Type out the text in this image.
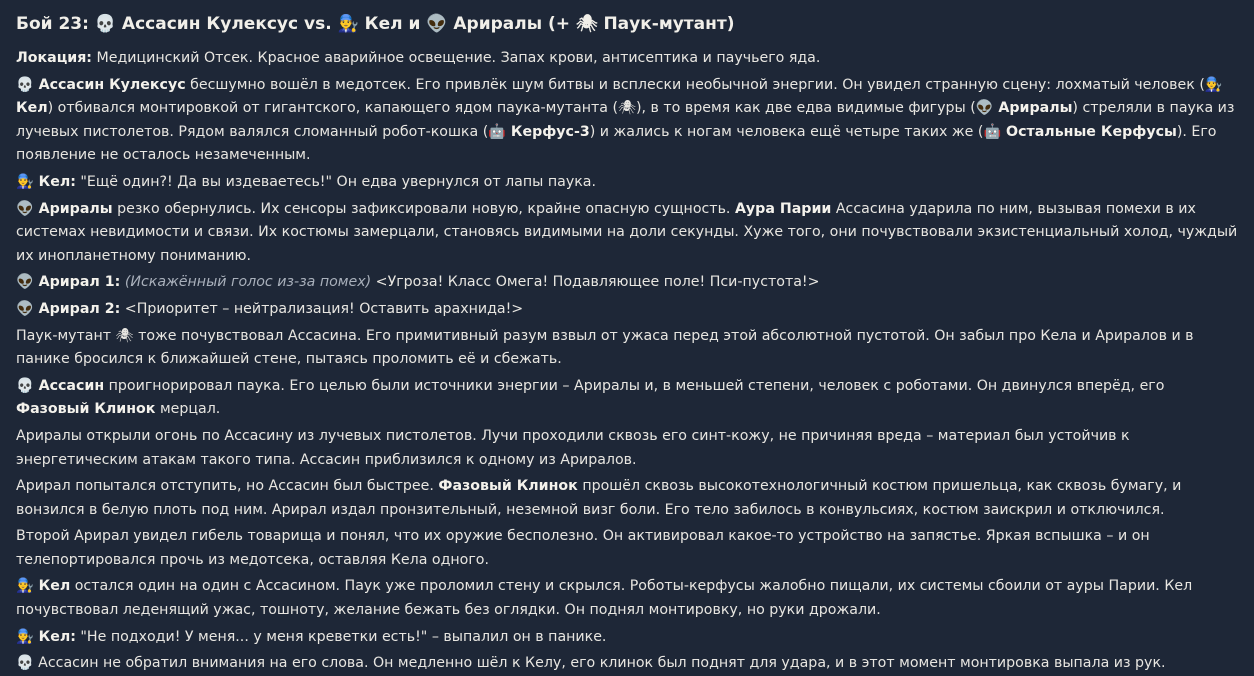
Бой 23: 💀 Ассасин Кулексус vs. 👨‍🔧 Кел и 👽 Арирaлы (+ 🕷 Паук-мутант)

Локация: Медицинский Отсек. Красное аварийное освещение. Запах крови, антисептика и паучьего яда.

💀 Ассасин Кулексус бесшумно вошёл в медотсек. Его привлёк шум битвы и всплески необычной энергии. Он увидел странную сцену: лохматый человек (👨‍🔧 Кел) отбивался монтировкой от гигантского, капающего ядом паука-мутанта (🕷), в то время как две едва видимые фигуры (👽 Арирaлы) стреляли в паука из лучевых пистолетов. Рядом валялся сломанный робот-кошка (🤖 Керфус-3) и жались к ногам человека ещё четыре таких же (🤖 Остальные Керфусы). Его появление не осталось незамеченным.

👨‍🔧 Кел: "Ещё один?! Да вы издеваетесь!" Он едва увернулся от лапы паука.

👽 Арирaлы резко обернулись. Их сенсоры зафиксировали новую, крайне опасную сущность. Аура Парии Ассасина ударила по ним, вызывая помехи в их системах невидимости и связи. Их костюмы замерцали, становясь видимыми на доли секунды. Хуже того, они почувствовали экзистенциальный холод, чуждый их инопланетному пониманию.

👽 Арирал 1: (Искажённый голос из-за помех) <Угроза! Класс Омега! Подавляющее поле! Пси-пустота!>

👽 Арирал 2: <Приоритет – нейтрализация! Оставить арахнида!>

Паук-мутант 🕷 тоже почувствовал Ассасина. Его примитивный разум взвыл от ужаса перед этой абсолютной пустотой. Он забыл про Кела и Арирaлов и в панике бросился к ближайшей стене, пытаясь проломить её и сбежать.

💀 Ассасин проигнорировал паука. Его целью были источники энергии – Арирaлы и, в меньшей степени, человек с роботами. Он двинулся вперёд, его Фазовый Клинок мерцал.

Арирaлы открыли огонь по Ассасину из лучевых пистолетов. Лучи проходили сквозь его синт-кожу, не причиняя вреда – материал был устойчив к энергетическим атакам такого типа. Ассасин приблизился к одному из Арирaлов.

Арирал попытался отступить, но Ассасин был быстрее. Фазовый Клинок прошёл сквозь высокотехнологичный костюм пришельца, как сквозь бумагу, и вонзился в белую плоть под ним. Арирал издал пронзительный, неземной визг боли. Его тело забилось в конвульсиях, костюм заискрил и отключился.

Второй Арирал увидел гибель товарища и понял, что их оружие бесполезно. Он активировал какое-то устройство на запястье. Яркая вспышка – и он телепортировался прочь из медотсека, оставляя Кела одного.

👨‍🔧 Кел остался один на один с Ассасином. Паук уже проломил стену и скрылся. Роботы-керфусы жалобно пищали, их системы сбоили от ауры Парии. Кел почувствовал леденящий ужас, тошноту, желание бежать без оглядки. Он поднял монтировку, но руки дрожали.

👨‍🔧 Кел: "Не подходи! У меня... у меня креветки есть!" – выпалил он в панике.

💀 Ассасин не обратил внимания на его слова. Он медленно шёл к Келу, его клинок был поднят для удара, и в этот момент монтировка выпала из рук.
